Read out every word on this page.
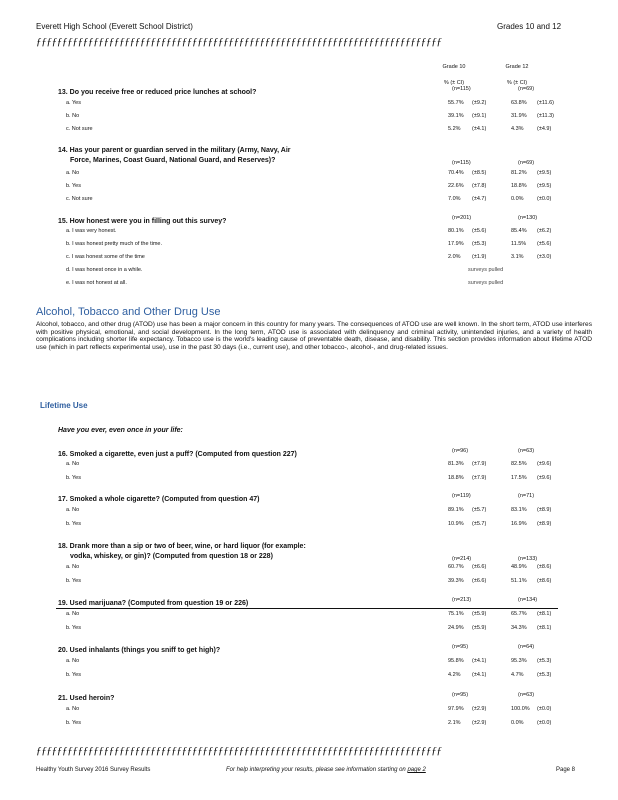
Everett High School (Everett School District)	Grades 10 and 12
ƒƒƒƒƒƒƒƒƒƒƒƒƒƒƒƒƒƒƒƒƒƒƒƒƒƒƒƒƒƒƒƒƒƒƒƒƒƒƒƒƒƒƒƒƒƒƒƒƒƒƒƒƒƒƒƒƒƒƒƒƒƒƒƒƒƒƒƒƒƒƒƒƒƒƒƒƒƒ
Grade 10	Grade 12
% (± CI)	% (± CI)
13. Do you receive free or reduced price lunches at school?	(n=115)	(n=69)
a. Yes	55.7% (±9.2)	63.8% (±11.6)
b. No	39.1% (±9.1)	31.9% (±11.3)
c. Not sure	5.2% (±4.1)	4.3% (±4.9)
14. Has your parent or guardian served in the military (Army, Navy, Air
Force, Marines, Coast Guard, National Guard, and Reserves)?	(n=115)	(n=69)
a. No	70.4% (±8.5)	81.2% (±9.5)
b. Yes	22.6% (±7.8)	18.8% (±9.5)
c. Not sure	7.0% (±4.7)	0.0% (±0.0)
15. How honest were you in filling out this survey?	(n=201)	(n=130)
a. I was very honest.	80.1% (±5.6)	85.4% (±6.2)
b. I was honest pretty much of the time.	17.9% (±5.3)	11.5% (±5.6)
c. I was honest some of the time	2.0% (±1.9)	3.1% (±3.0)
d. I was honest once in a while.	surveys pulled
e. I was not honest at all.	surveys pulled
Alcohol, Tobacco and Other Drug Use
Alcohol, tobacco, and other drug (ATOD) use has been a major concern in this country for many years. The consequences of ATOD use are well known. In the short term, ATOD use interferes with positive physical, emotional, and social development. In the long term, ATOD use is associated with delinquency and criminal activity, unintended injuries, and a variety of health complications including shorter life expectancy. Tobacco use is the world's leading cause of preventable death, disease, and disability. This section provides information about lifetime ATOD use (which in part reflects experimental use), use in the past 30 days (i.e., current use), and other tobacco-, alcohol-, and drug-related issues.
Lifetime Use
Have you ever, even once in your life:
16. Smoked a cigarette, even just a puff? (Computed from question 227)	(n=96)	(n=63)
a. No	81.3% (±7.9)	82.5% (±9.6)
b. Yes	18.8% (±7.9)	17.5% (±9.6)
17. Smoked a whole cigarette? (Computed from question 47)	(n=119)	(n=71)
a. No	89.1% (±5.7)	83.1% (±8.9)
b. Yes	10.9% (±5.7)	16.9% (±8.9)
18. Drank more than a sip or two of beer, wine, or hard liquor (for example:
vodka, whiskey, or gin)? (Computed from question 18 or 228)	(n=214)	(n=133)
a. No	60.7% (±6.6)	48.9% (±8.6)
b. Yes	39.3% (±6.6)	51.1% (±8.6)
19. Used marijuana? (Computed from question 19 or 226)	(n=213)	(n=134)
a. No	75.1% (±5.9)	65.7% (±8.1)
b. Yes	24.9% (±5.9)	34.3% (±8.1)
20. Used inhalants (things you sniff to get high)?	(n=95)	(n=64)
a. No	95.8% (±4.1)	95.3% (±5.3)
b. Yes	4.2% (±4.1)	4.7% (±5.3)
21. Used heroin?	(n=95)	(n=63)
a. No	97.9% (±2.9)	100.0% (±0.0)
b. Yes	2.1% (±2.9)	0.0% (±0.0)
ƒƒƒƒƒƒƒƒƒƒƒƒƒƒƒƒƒƒƒƒƒƒƒƒƒƒƒƒƒƒƒƒƒƒƒƒƒƒƒƒƒƒƒƒƒƒƒƒƒƒƒƒƒƒƒƒƒƒƒƒƒƒƒƒƒƒƒƒƒƒƒƒƒƒƒƒƒƒ
Healthy Youth Survey 2016 Survey Results	For help interpreting your results, please see information starting on page 2	Page 8
